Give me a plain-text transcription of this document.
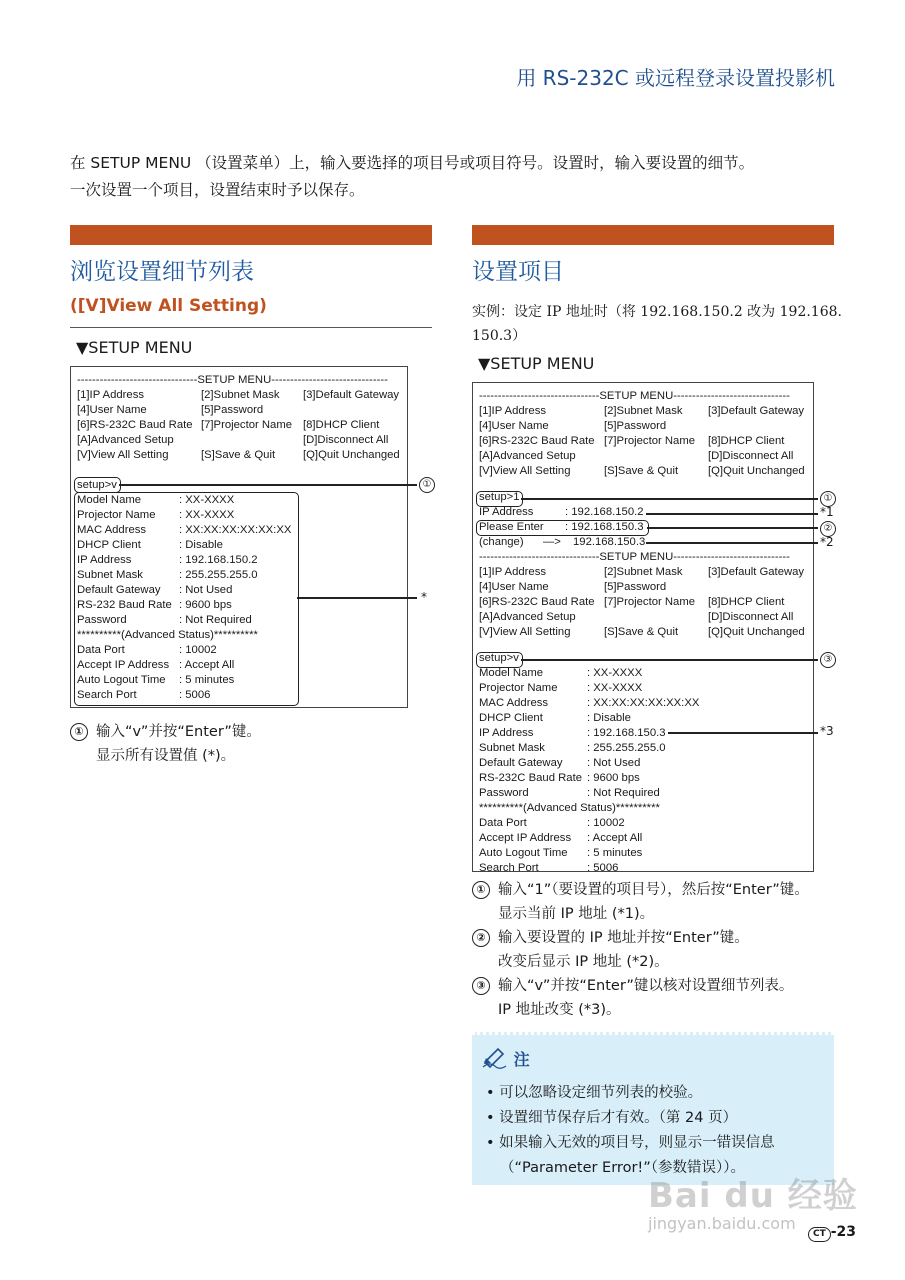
用 RS-232C 或远程登录设置投影机
在 SETUP MENU （设置菜单）上，输入要选择的项目号或项目符号。设置时，输入要设置的细节。
一次设置一个项目，设置结束时予以保存。
浏览设置细节列表
([V]View All Setting)
▼SETUP MENU
--------------------------------SETUP MENU-------------------------------
[1]IP Address	[2]Subnet Mask [3]Default Gateway
[4]User Name	[5]Password
[6]RS-232C Baud Rate [7]Projector Name [8]DHCP Client
[A]Advanced Setup	[D]Disconnect All
[V]View All Setting	[S]Save & Quit [Q]Quit Unchanged
setup>v
Model Name	: XX-XXXX
Projector Name : XX-XXXX
MAC Address	: XX:XX:XX:XX:XX:XX
DHCP Client	: Disable
IP Address	: 192.168.150.2
Subnet Mask	: 255.255.255.0
Default Gateway : Not Used
RS-232 Baud Rate : 9600 bps
Password	: Not Required
**********(Advanced Status)**********
Data Port	: 10002
Accept IP Address : Accept All
Auto Logout Time : 5 minutes
Search Port	: 5006
①
*
① 输入“v”并按“Enter”键。
显示所有设置值 (*)。
设置项目
实例：设定 IP 地址时（将 192.168.150.2 改为 192.168.
150.3）
▼SETUP MENU
--------------------------------SETUP MENU-------------------------------
[1]IP Address	[2]Subnet Mask [3]Default Gateway
[4]User Name	[5]Password
[6]RS-232C Baud Rate [7]Projector Name [8]DHCP Client
[A]Advanced Setup	[D]Disconnect All
[V]View All Setting	[S]Save & Quit	[Q]Quit Unchanged
setup>1
IP Address	: 192.168.150.2
Please Enter : 192.168.150.3
(change) —> 192.168.150.3
--------------------------------SETUP MENU-------------------------------
[1]IP Address	[2]Subnet Mask [3]Default Gateway
[4]User Name	[5]Password
[6]RS-232C Baud Rate [7]Projector Name [8]DHCP Client
[A]Advanced Setup	[D]Disconnect All
[V]View All Setting	[S]Save & Quit	[Q]Quit Unchanged
setup>v
Model Name	: XX-XXXX
Projector Name	: XX-XXXX
MAC Address	: XX:XX:XX:XX:XX:XX
DHCP Client	: Disable
IP Address	: 192.168.150.3
Subnet Mask	: 255.255.255.0
Default Gateway : Not Used
RS-232C Baud Rate : 9600 bps
Password	: Not Required
**********(Advanced Status)**********
Data Port	: 10002
Accept IP Address : Accept All
Auto Logout Time : 5 minutes
Search Port	: 5006
①
*1
②
*2
③
*3
① 输入“1”（要设置的项目号），然后按“Enter”键。
显示当前 IP 地址 (*1)。
② 输入要设置的 IP 地址并按“Enter”键。
改变后显示 IP 地址 (*2)。
③ 输入“v”并按“Enter”键以核对设置细节列表。
IP 地址改变 (*3)。
注
• 可以忽略设定细节列表的校验。
• 设置细节保存后才有效。（第 24 页）
• 如果输入无效的项目号，则显示一错误信息
（“Parameter Error!”（参数错误））。
Bai du 经验
jingyan.baidu.com
CT -23
